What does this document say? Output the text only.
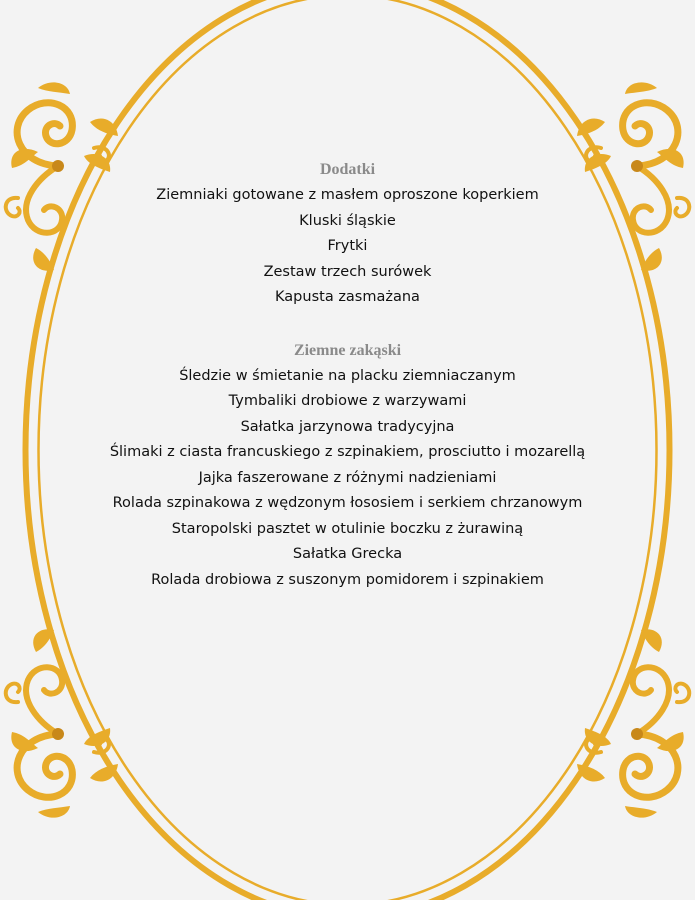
Dodatki

Ziemniaki gotowane z masłem oproszone koperkiem

Kluski śląskie

Frytki

Zestaw trzech surówek

Kapusta zasmażana

Ziemne zakąski

Śledzie w śmietanie na placku ziemniaczanym

Tymbaliki drobiowe z warzywami

Sałatka jarzynowa tradycyjna

Ślimaki z ciasta francuskiego z szpinakiem, prosciutto i mozarellą

Jajka faszerowane z różnymi nadzieniami

Rolada szpinakowa z wędzonym łososiem i serkiem chrzanowym

Staropolski pasztet w otulinie boczku z żurawiną

Sałatka Grecka

Rolada drobiowa z suszonym pomidorem i szpinakiem
